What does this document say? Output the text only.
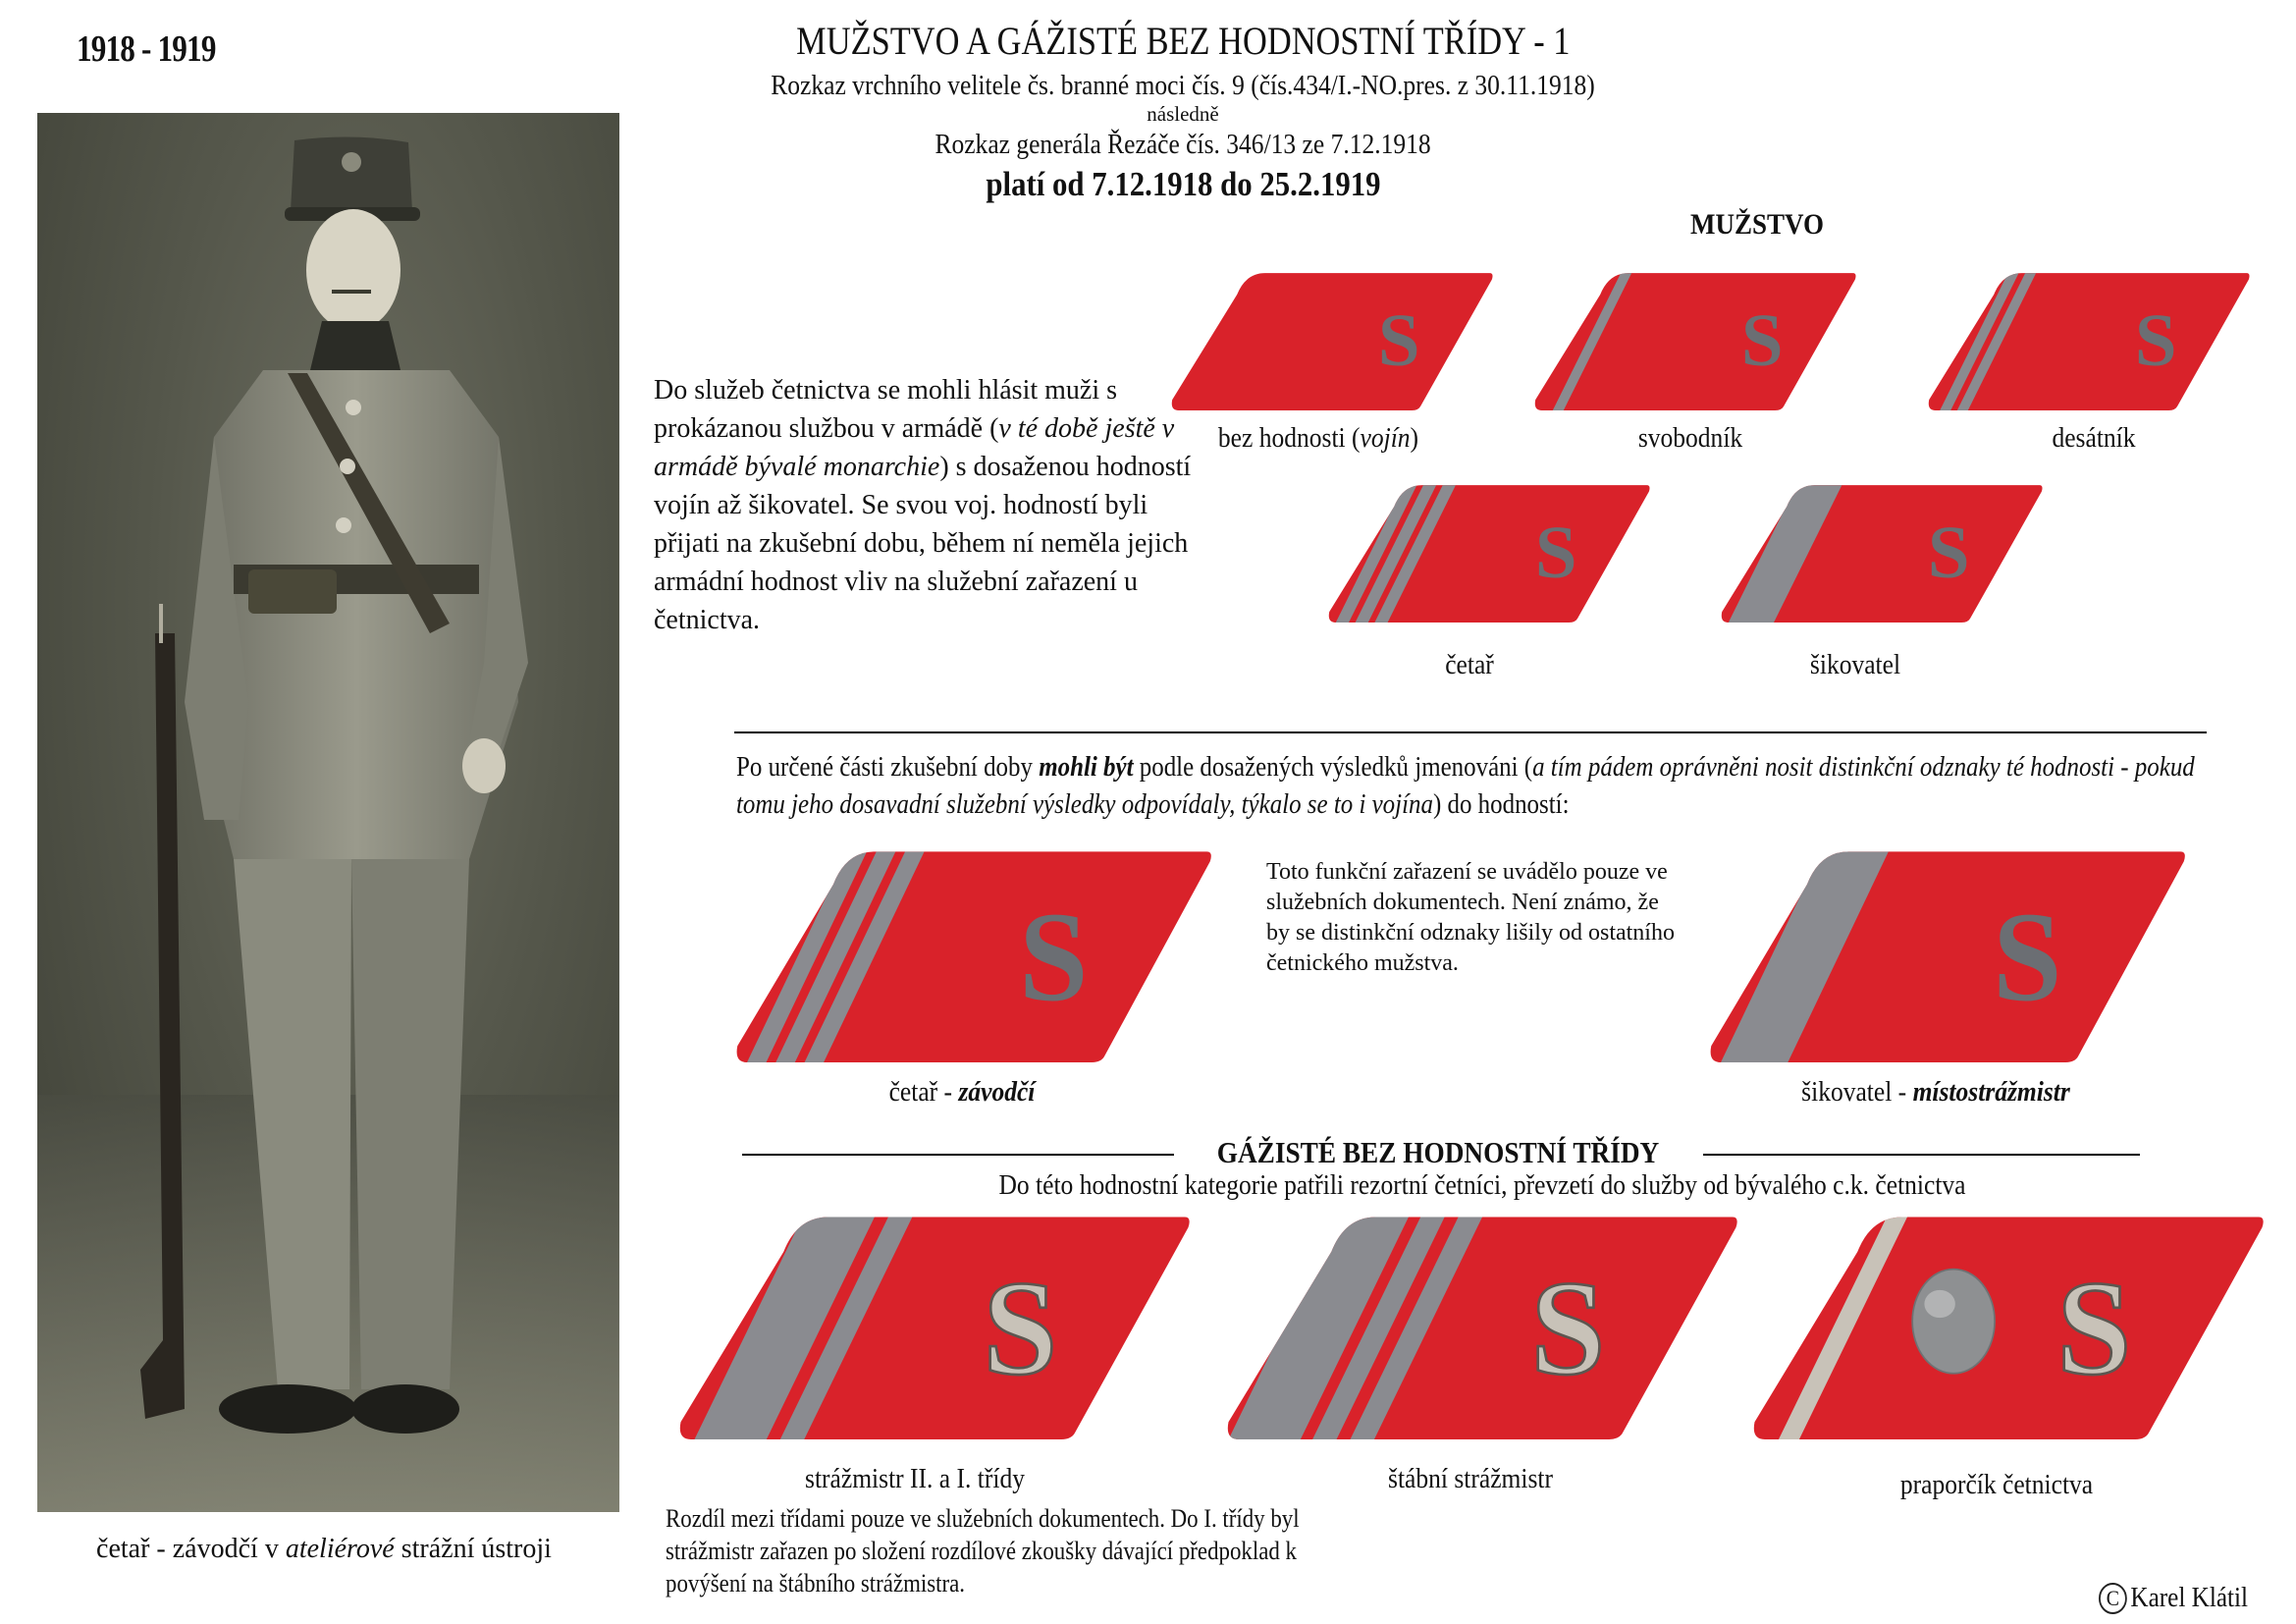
1918 - 1919	MUŽSTVO A GÁŽISTÉ BEZ HODNOSTNÍ TŘÍDY - 1
Rozkaz vrchního velitele čs. branné moci čís. 9 (čís.434/I.-NO.pres. z 30.11.1918)
následně
Rozkaz generála Řezáče čís. 346/13 ze 7.12.1918
platí od 7.12.1918 do 25.2.1919
četař - závodčí v ateliérové strážní ústroji
MUŽSTVO
Do služeb četnictva se mohli hlásit muži s prokázanou službou v armádě (v té době ještě v armádě bývalé monarchie) s dosaženou hodností vojín až šikovatel. Se svou voj. hodností byli přijati na zkušební dobu, během ní neměla jejich armádní hodnost vliv na služební zařazení u četnictva.
S	S	S
bez hodnosti (vojín)	svobodník	desátník
S	S
četař	šikovatel
Po určené části zkušební doby mohli být podle dosažených výsledků jmenováni (a tím pádem oprávněni nosit distinkční odznaky té hodnosti - pokud tomu jeho dosavadní služební výsledky odpovídaly, týkalo se to i vojína) do hodností:
S	S
četař - závodčí	šikovatel - místostrážmistr
Toto funkční zařazení se uvádělo pouze ve služebních dokumentech. Není známo, že by se distinkční odznaky lišily od ostatního četnického mužstva.
GÁŽISTÉ BEZ HODNOSTNÍ TŘÍDY
Do této hodnostní kategorie patřili rezortní četníci, převzetí do služby od bývalého c.k. četnictva
S	S	S
strážmistr II. a I. třídy	štábní strážmistr	praporčík četnictva
Rozdíl mezi třídami pouze ve služebních dokumentech. Do I. třídy byl strážmistr zařazen po složení rozdílové zkoušky dávající předpoklad k povýšení na štábního strážmistra.
C Karel Klátil
